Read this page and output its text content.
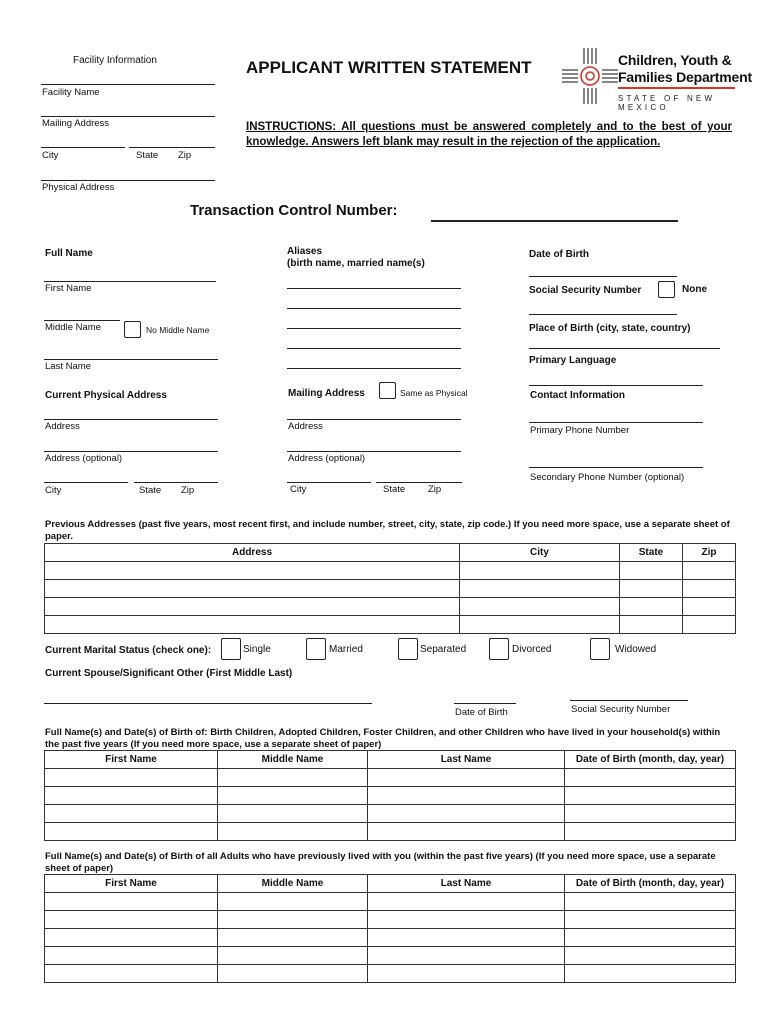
Facility Information
Facility Name
Mailing Address
City	State Zip
Physical Address
APPLICANT WRITTEN STATEMENT	Children, Youth &
Families Department
STATE OF NEW MEXICO
INSTRUCTIONS: All questions must be answered completely and to the best of your knowledge. Answers left blank may result in the rejection of the application.
Transaction Control Number:
Full Name
First Name
Middle Name	No Middle Name
Last Name
Aliases
(birth name, married name(s)
Date of Birth
Social Security Number	None
Place of Birth (city, state, country)
Primary Language
Current Physical Address
Address
Address (optional)
City	State Zip
Mailing Address	Same as Physical
Address
Address (optional)
City	State Zip
Contact Information
Primary Phone Number
Secondary Phone Number (optional)
Previous Addresses (past five years, most recent first, and include number, street, city, state, zip code.) If you need more space, use a separate sheet of paper.
Address	City	State	Zip

Current Marital Status (check one):	Single	Married	Separated	Divorced	Widowed
Current Spouse/Significant Other (First Middle Last)
Date of Birth	Social Security Number
Full Name(s) and Date(s) of Birth of: Birth Children, Adopted Children, Foster Children, and other Children who have lived in your household(s) within the past five years (If you need more space, use a separate sheet of paper)
First Name	Middle Name	Last Name	Date of Birth (month, day, year)

Full Name(s) and Date(s) of Birth of all Adults who have previously lived with you (within the past five years) (If you need more space, use a separate sheet of paper)
First Name	Middle Name	Last Name	Date of Birth (month, day, year)
